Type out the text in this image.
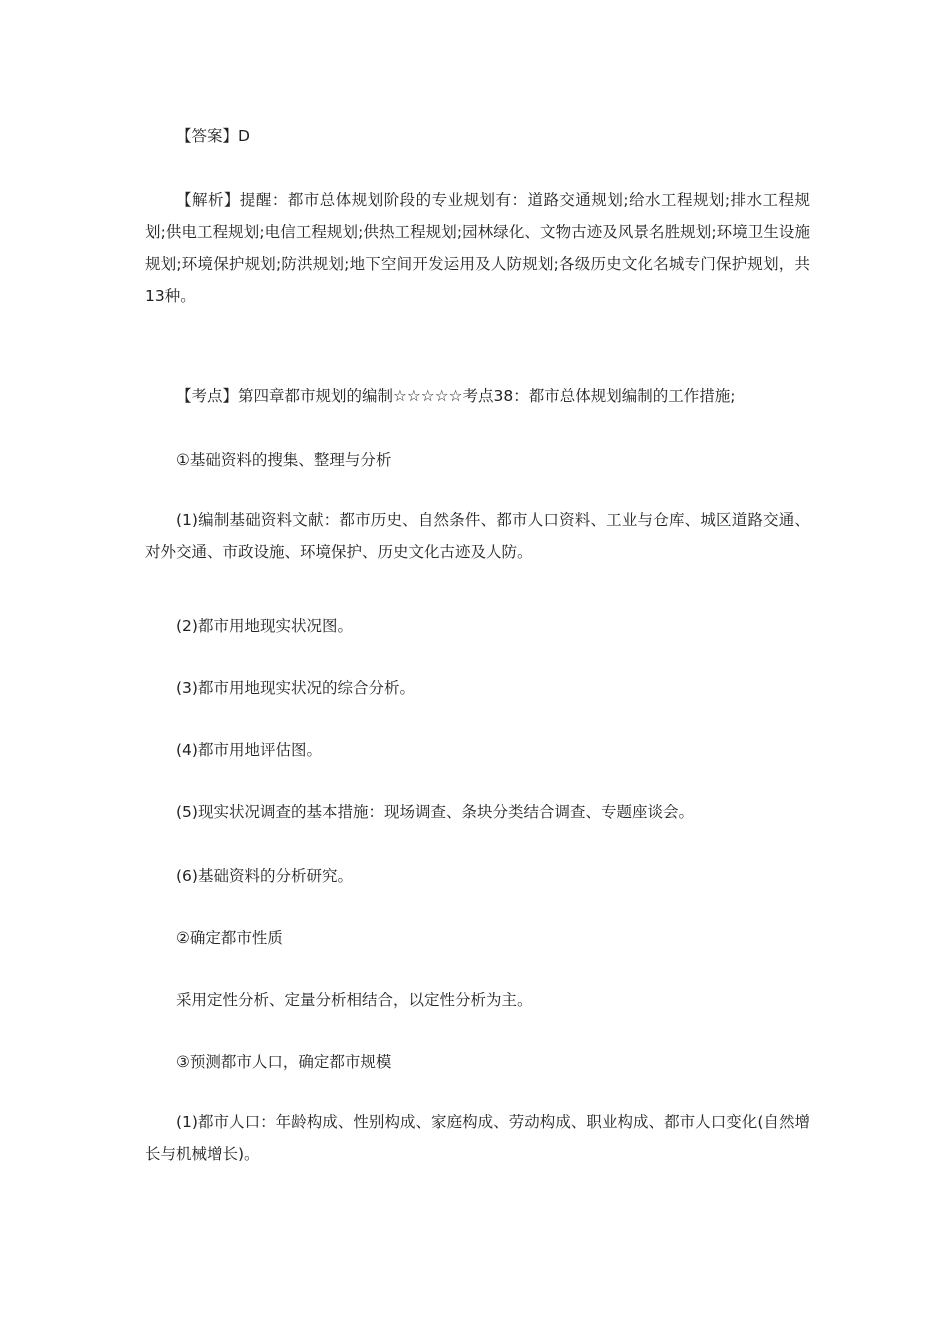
【答案】D

【解析】提醒：都市总体规划阶段的专业规划有：道路交通规划;给水工程规划;排水工程规划;供电工程规划;电信工程规划;供热工程规划;园林绿化、文物古迹及风景名胜规划;环境卫生设施规划;环境保护规划;防洪规划;地下空间开发运用及人防规划;各级历史文化名城专门保护规划，共13种。

【考点】第四章都市规划的编制☆☆☆☆☆考点38：都市总体规划编制的工作措施;

①基础资料的搜集、整理与分析

(1)编制基础资料文献：都市历史、自然条件、都市人口资料、工业与仓库、城区道路交通、对外交通、市政设施、环境保护、历史文化古迹及人防。

(2)都市用地现实状况图。

(3)都市用地现实状况的综合分析。

(4)都市用地评估图。

(5)现实状况调查的基本措施：现场调查、条块分类结合调查、专题座谈会。

(6)基础资料的分析研究。

②确定都市性质

采用定性分析、定量分析相结合，以定性分析为主。

③预测都市人口，确定都市规模

(1)都市人口：年龄构成、性别构成、家庭构成、劳动构成、职业构成、都市人口变化(自然增长与机械增长)。
